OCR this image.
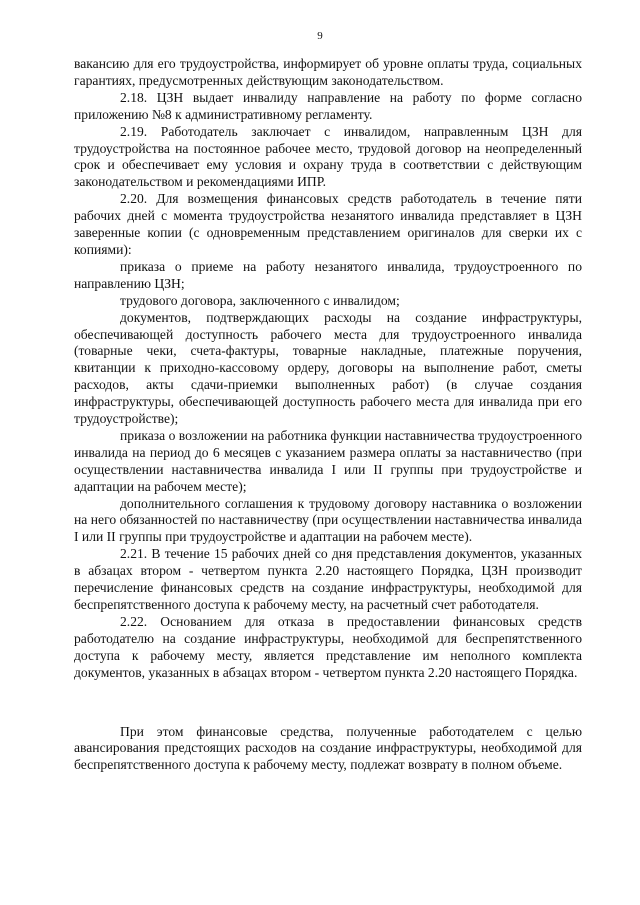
9

вакансию для его трудоустройства, информирует об уровне оплаты труда, социальных гарантиях, предусмотренных действующим законодательством.

2.18. ЦЗН выдает инвалиду направление на работу по форме согласно приложению №8 к административному регламенту.

2.19. Работодатель заключает с инвалидом, направленным ЦЗН для трудоустройства на постоянное рабочее место, трудовой договор на неопределенный срок и обеспечивает ему условия и охрану труда в соответствии с действующим законодательством и рекомендациями ИПР.

2.20. Для возмещения финансовых средств работодатель в течение пяти рабочих дней с момента трудоустройства незанятого инвалида представляет в ЦЗН заверенные копии (с одновременным представлением оригиналов для сверки их с копиями):

приказа о приеме на работу незанятого инвалида, трудоустроенного по направлению ЦЗН;

трудового договора, заключенного с инвалидом;

документов, подтверждающих расходы на создание инфраструктуры, обеспечивающей доступность рабочего места для трудоустроенного инвалида (товарные чеки, счета-фактуры, товарные накладные, платежные поручения, квитанции к приходно-кассовому ордеру, договоры на выполнение работ, сметы расходов, акты сдачи-приемки выполненных работ) (в случае создания инфраструктуры, обеспечивающей доступность рабочего места для инвалида при его трудоустройстве);

приказа о возложении на работника функции наставничества трудоустроенного инвалида на период до 6 месяцев с указанием размера оплаты за наставничество (при осуществлении наставничества инвалида I или II группы при трудоустройстве и адаптации на рабочем месте);

дополнительного соглашения к трудовому договору наставника о возложении на него обязанностей по наставничеству (при осуществлении наставничества инвалида I или II группы при трудоустройстве и адаптации на рабочем месте).

2.21. В течение 15 рабочих дней со дня представления документов, указанных в абзацах втором - четвертом пункта 2.20 настоящего Порядка, ЦЗН производит перечисление финансовых средств на создание инфраструктуры, необходимой для беспрепятственного доступа к рабочему месту, на расчетный счет работодателя.

2.22. Основанием для отказа в предоставлении финансовых средств работодателю на создание инфраструктуры, необходимой для беспрепятственного доступа к рабочему месту, является представление им неполного комплекта документов, указанных в абзацах втором - четвертом пункта 2.20 настоящего Порядка.

При этом финансовые средства, полученные работодателем с целью авансирования предстоящих расходов на создание инфраструктуры, необходимой для беспрепятственного доступа к рабочему месту, подлежат возврату в полном объеме.
